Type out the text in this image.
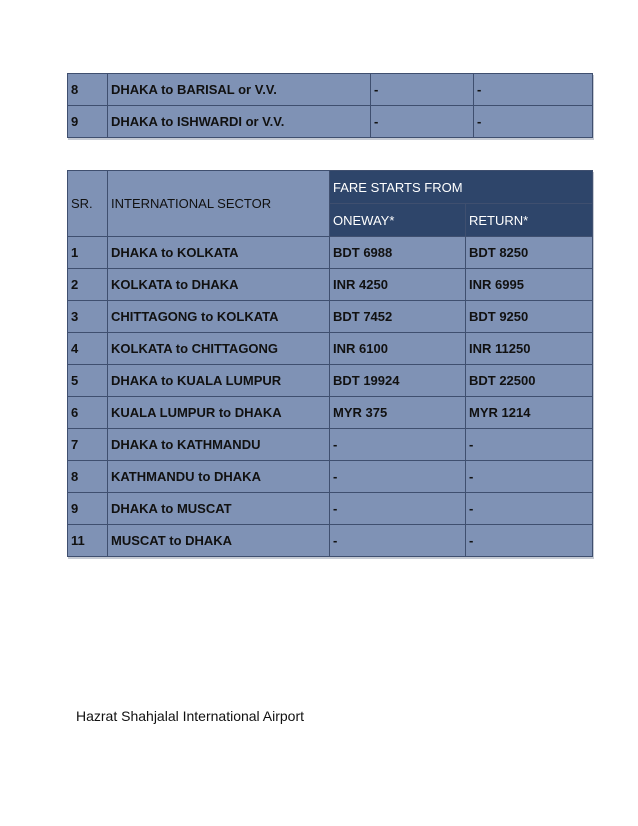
8	DHAKA to BARISAL or V.V.	-	-
9	DHAKA to ISHWARDI or V.V.	-	-
SR.	INTERNATIONAL SECTOR	FARE STARTS FROM	
		ONEWAY*	RETURN*
1	DHAKA to KOLKATA	BDT 6988	BDT 8250
2	KOLKATA to DHAKA	INR 4250	INR 6995
3	CHITTAGONG to KOLKATA	BDT 7452	BDT 9250
4	KOLKATA to CHITTAGONG	INR 6100	INR 11250
5	DHAKA to KUALA LUMPUR	BDT 19924	BDT 22500
6	KUALA LUMPUR to DHAKA	MYR 375	MYR 1214
7	DHAKA to KATHMANDU	-	-
8	KATHMANDU to DHAKA	-	-
9	DHAKA to MUSCAT	-	-
11	MUSCAT to DHAKA	-	-
Hazrat Shahjalal International Airport
